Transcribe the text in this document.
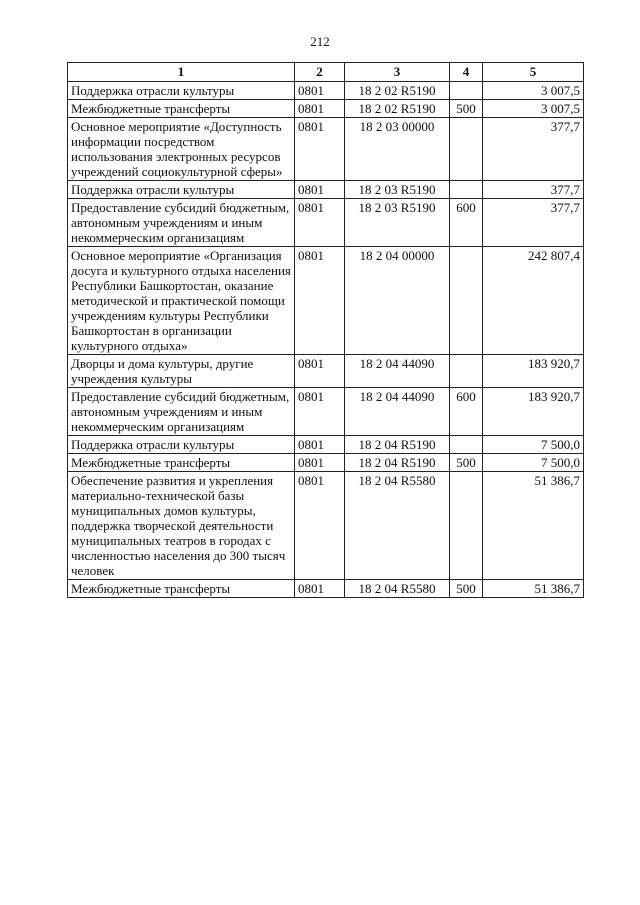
212
1	2	3	4	5
Поддержка отрасли культуры	0801	18 2 02 R5190		3 007,5
Межбюджетные трансферты	0801	18 2 02 R5190	500	3 007,5
Основное мероприятие «Доступность информации посредством использования электронных ресурсов учреждений социокультурной сферы»	0801	18 2 03 00000		377,7
Поддержка отрасли культуры	0801	18 2 03 R5190		377,7
Предоставление субсидий бюджетным, автономным учреждениям и иным некоммерческим организациям	0801	18 2 03 R5190	600	377,7
Основное мероприятие «Организация досуга и культурного отдыха населения Республики Башкортостан, оказание методической и практической помощи учреждениям культуры Республики Башкортостан в организации культурного отдыха»	0801	18 2 04 00000		242 807,4
Дворцы и дома культуры, другие учреждения культуры	0801	18 2 04 44090		183 920,7
Предоставление субсидий бюджетным, автономным учреждениям и иным некоммерческим организациям	0801	18 2 04 44090	600	183 920,7
Поддержка отрасли культуры	0801	18 2 04 R5190		7 500,0
Межбюджетные трансферты	0801	18 2 04 R5190	500	7 500,0
Обеспечение развития и укрепления материально-технической базы муниципальных домов культуры, поддержка творческой деятельности муниципальных театров в городах с численностью населения до 300 тысяч человек	0801	18 2 04 R5580		51 386,7
Межбюджетные трансферты	0801	18 2 04 R5580	500	51 386,7
